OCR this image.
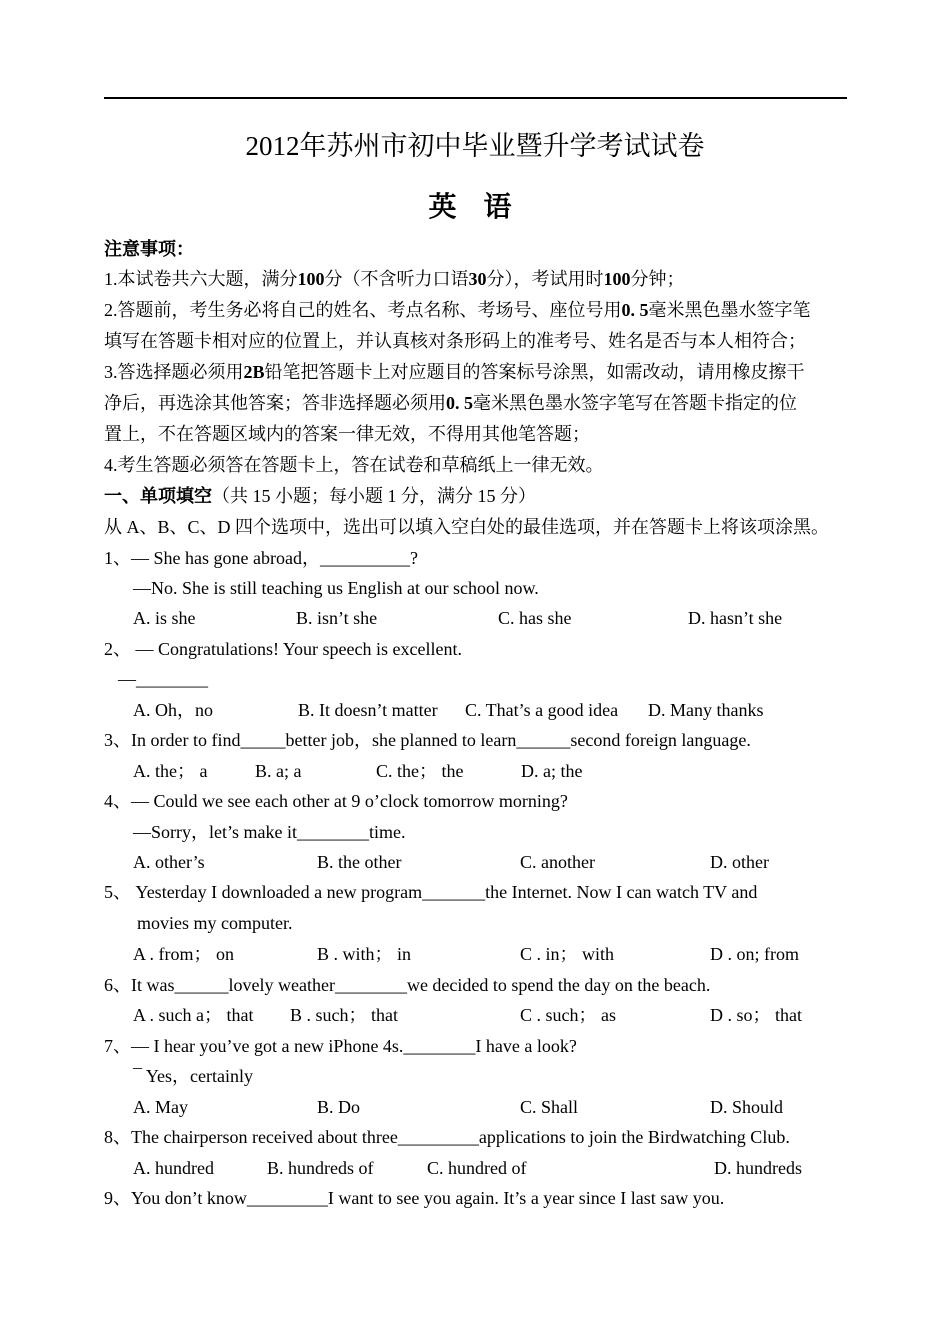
2012年苏州市初中毕业暨升学考试试卷
英 语
注意事项：
1.本试卷共六大题，满分100分（不含听力口语30分），考试用时100分钟；
2.答题前，考生务必将自己的姓名、考点名称、考场号、座位号用0. 5毫米黑色墨水签字笔
填写在答题卡相对应的位置上，并认真核对条形码上的准考号、姓名是否与本人相符合；
3.答选择题必须用2B铅笔把答题卡上对应题目的答案标号涂黑，如需改动，请用橡皮擦干
净后，再选涂其他答案；答非选择题必须用0. 5毫米黑色墨水签字笔写在答题卡指定的位
置上，不在答题区域内的答案一律无效，不得用其他笔答题；
4.考生答题必须答在答题卡上，答在试卷和草稿纸上一律无效。
一、单项填空（共 15 小题；每小题 1 分，满分 15 分）
从 A、B、C、D 四个选项中，选出可以填入空白处的最佳选项，并在答题卡上将该项涂黑。
1、— She has gone abroad，__________?
—No. She is still teaching us English at our school now.
A. is she	B. isn’t she	C. has she	D. hasn’t she
2、 — Congratulations! Your speech is excellent.
—________
A. Oh，no	B. It doesn’t matter C. That’s a good idea D. Many thanks
3、In order to find_____better job，she planned to learn______second foreign language.
A. the； a	B. a; a	C. the； the	D. a; the
4、— Could we see each other at 9 o’clock tomorrow morning?
—Sorry，let’s make it________time.
A. other’s	B. the other	C. another	D. other
5、 Yesterday I downloaded a new program_______the Internet. Now I can watch TV and
movies my computer.
A . from； on	B . with； in	C . in； with	D . on; from
6、It was______lovely weather________we decided to spend the day on the beach.
A . such a； that B . such； that	C . such； as	D . so； that
7、— I hear you’ve got a new iPhone 4s.________I have a look?
¯ Yes，certainly
A. May	B. Do	C. Shall	D. Should
8、The chairperson received about three_________applications to join the Birdwatching Club.
A. hundred	B. hundreds of	C. hundred of	D. hundreds
9、You don’t know_________I want to see you again. It’s a year since I last saw you.
